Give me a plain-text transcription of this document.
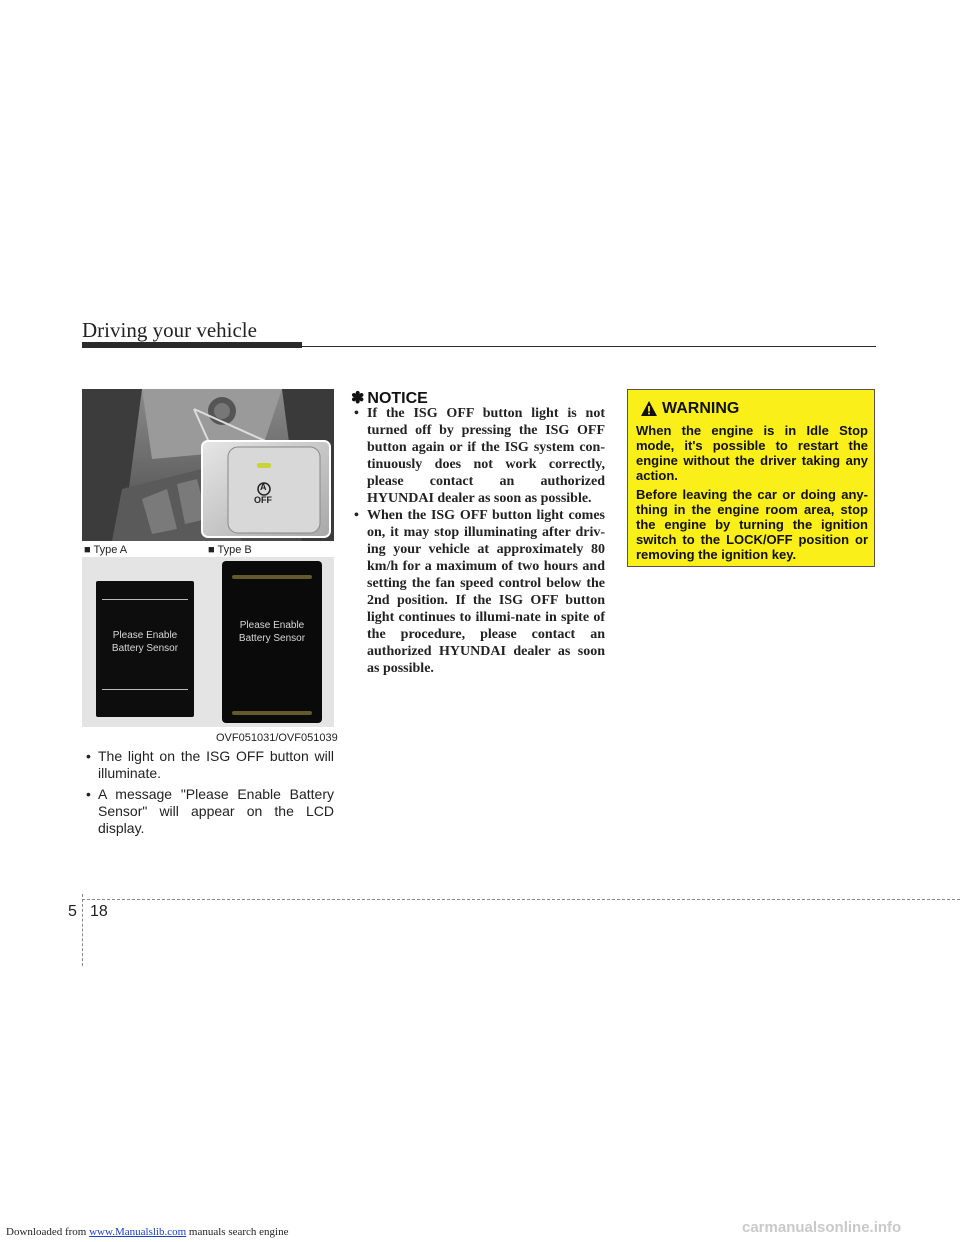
Driving your vehicle
A
OFF
■ Type A	■ Type B
Please Enable
Battery Sensor
Please Enable
Battery Sensor
OVF051031/OVF051039
• The light on the ISG OFF button will illuminate.
• A message "Please Enable Battery Sensor" will appear on the LCD display.
✽ NOTICE
• If the ISG OFF button light is not turned off by pressing the ISG OFF button again or if the ISG system con-tinuously does not work correctly, please contact an authorized HYUNDAI dealer as soon as possible.
• When the ISG OFF button light comes on, it may stop illuminating after driv-ing your vehicle at approximately 80 km/h for a maximum of two hours and setting the fan speed control below the 2nd position. If the ISG OFF button light continues to illumi-nate in spite of the procedure, please contact an authorized HYUNDAI dealer as soon as possible.
WARNING
When the engine is in Idle Stop mode, it's possible to restart the engine without the driver taking any action.
Before leaving the car or doing any-thing in the engine room area, stop the engine by turning the ignition switch to the LOCK/OFF position or removing the ignition key.
5 18
Downloaded from www.Manualslib.com manuals search engine	carmanualsonline.info
